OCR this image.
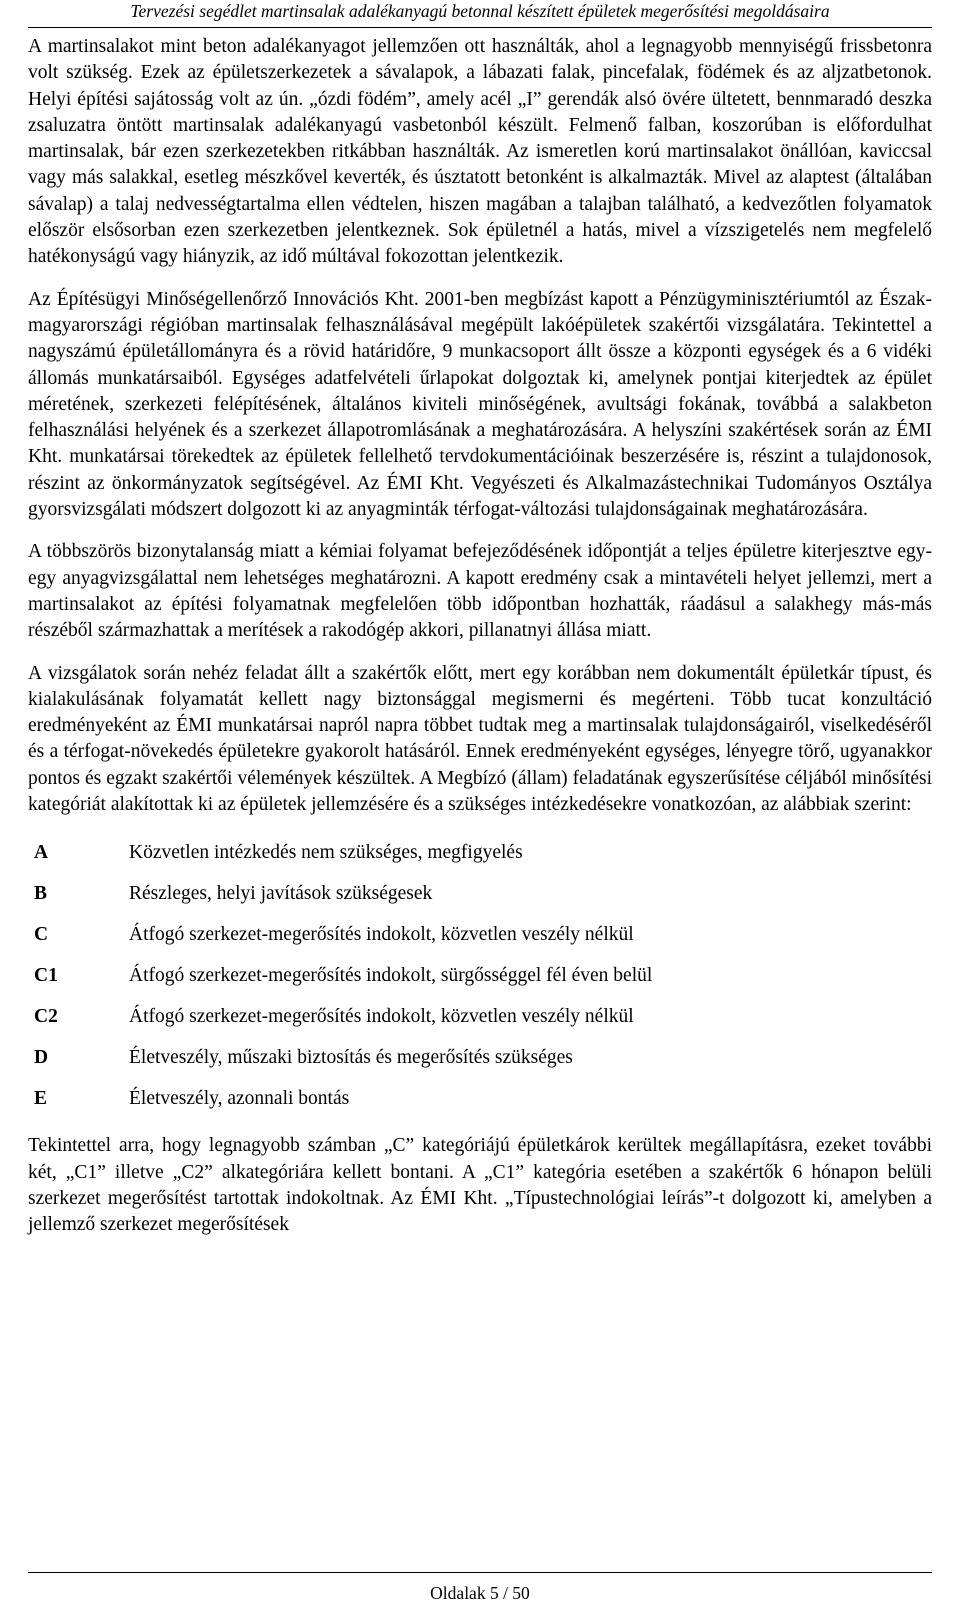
Tervezési segédlet martinsalak adalékanyagú betonnal készített épületek megerősítési megoldásaira

A martinsalakot mint beton adalékanyagot jellemzően ott használták, ahol a legnagyobb mennyiségű frissbetonra volt szükség. Ezek az épületszerkezetek a sávalapok, a lábazati falak, pincefalak, födémek és az aljzatbetonok. Helyi építési sajátosság volt az ún. „ózdi födém”, amely acél „I” gerendák alsó övére ültetett, bennmaradó deszka zsaluzatra öntött martinsalak adalékanyagú vasbetonból készült. Felmenő falban, koszorúban is előfordulhat martinsalak, bár ezen szerkezetekben ritkábban használták. Az ismeretlen korú martinsalakot önállóan, kaviccsal vagy más salakkal, esetleg mészkővel keverték, és úsztatott betonként is alkalmazták. Mivel az alaptest (általában sávalap) a talaj nedvességtartalma ellen védtelen, hiszen magában a talajban található, a kedvezőtlen folyamatok először elsősorban ezen szerkezetben jelentkeznek. Sok épületnél a hatás, mivel a vízszigetelés nem megfelelő hatékonyságú vagy hiányzik, az idő múltával fokozottan jelentkezik.

Az Építésügyi Minőségellenőrző Innovációs Kht. 2001-ben megbízást kapott a Pénzügyminisztériumtól az Észak-magyarországi régióban martinsalak felhasználásával megépült lakóépületek szakértői vizsgálatára. Tekintettel a nagyszámú épületállományra és a rövid határidőre, 9 munkacsoport állt össze a központi egységek és a 6 vidéki állomás munkatársaiból. Egységes adatfelvételi űrlapokat dolgoztak ki, amelynek pontjai kiterjedtek az épület méretének, szerkezeti felépítésének, általános kiviteli minőségének, avultsági fokának, továbbá a salakbeton felhasználási helyének és a szerkezet állapotromlásának a meghatározására. A helyszíni szakértések során az ÉMI Kht. munkatársai törekedtek az épületek fellelhető tervdokumentációinak beszerzésére is, részint a tulajdonosok, részint az önkormányzatok segítségével. Az ÉMI Kht. Vegyészeti és Alkalmazástechnikai Tudományos Osztálya gyorsvizsgálati módszert dolgozott ki az anyagminták térfogat-változási tulajdonságainak meghatározására.

A többszörös bizonytalanság miatt a kémiai folyamat befejeződésének időpontját a teljes épületre kiterjesztve egy-egy anyagvizsgálattal nem lehetséges meghatározni. A kapott eredmény csak a mintavételi helyet jellemzi, mert a martinsalakot az építési folyamatnak megfelelően több időpontban hozhatták, ráadásul a salakhegy más-más részéből származhattak a merítések a rakodógép akkori, pillanatnyi állása miatt.

A vizsgálatok során nehéz feladat állt a szakértők előtt, mert egy korábban nem dokumentált épületkár típust, és kialakulásának folyamatát kellett nagy biztonsággal megismerni és megérteni. Több tucat konzultáció eredményeként az ÉMI munkatársai napról napra többet tudtak meg a martinsalak tulajdonságairól, viselkedéséről és a térfogat-növekedés épületekre gyakorolt hatásáról. Ennek eredményeként egységes, lényegre törő, ugyanakkor pontos és egzakt szakértői vélemények készültek. A Megbízó (állam) feladatának egyszerűsítése céljából minősítési kategóriát alakítottak ki az épületek jellemzésére és a szükséges intézkedésekre vonatkozóan, az alábbiak szerint:

A	Közvetlen intézkedés nem szükséges, megfigyelés
B	Részleges, helyi javítások szükségesek
C	Átfogó szerkezet-megerősítés indokolt, közvetlen veszély nélkül
C1	Átfogó szerkezet-megerősítés indokolt, sürgősséggel fél éven belül
C2	Átfogó szerkezet-megerősítés indokolt, közvetlen veszély nélkül
D	Életveszély, műszaki biztosítás és megerősítés szükséges
E	Életveszély, azonnali bontás

Tekintettel arra, hogy legnagyobb számban „C” kategóriájú épületkárok kerültek megállapításra, ezeket további két, „C1” illetve „C2” alkategóriára kellett bontani. A „C1” kategória esetében a szakértők 6 hónapon belüli szerkezet megerősítést tartottak indokoltnak. Az ÉMI Kht. „Típustechnológiai leírás”-t dolgozott ki, amelyben a jellemző szerkezet megerősítések

Oldalak 5 / 50
